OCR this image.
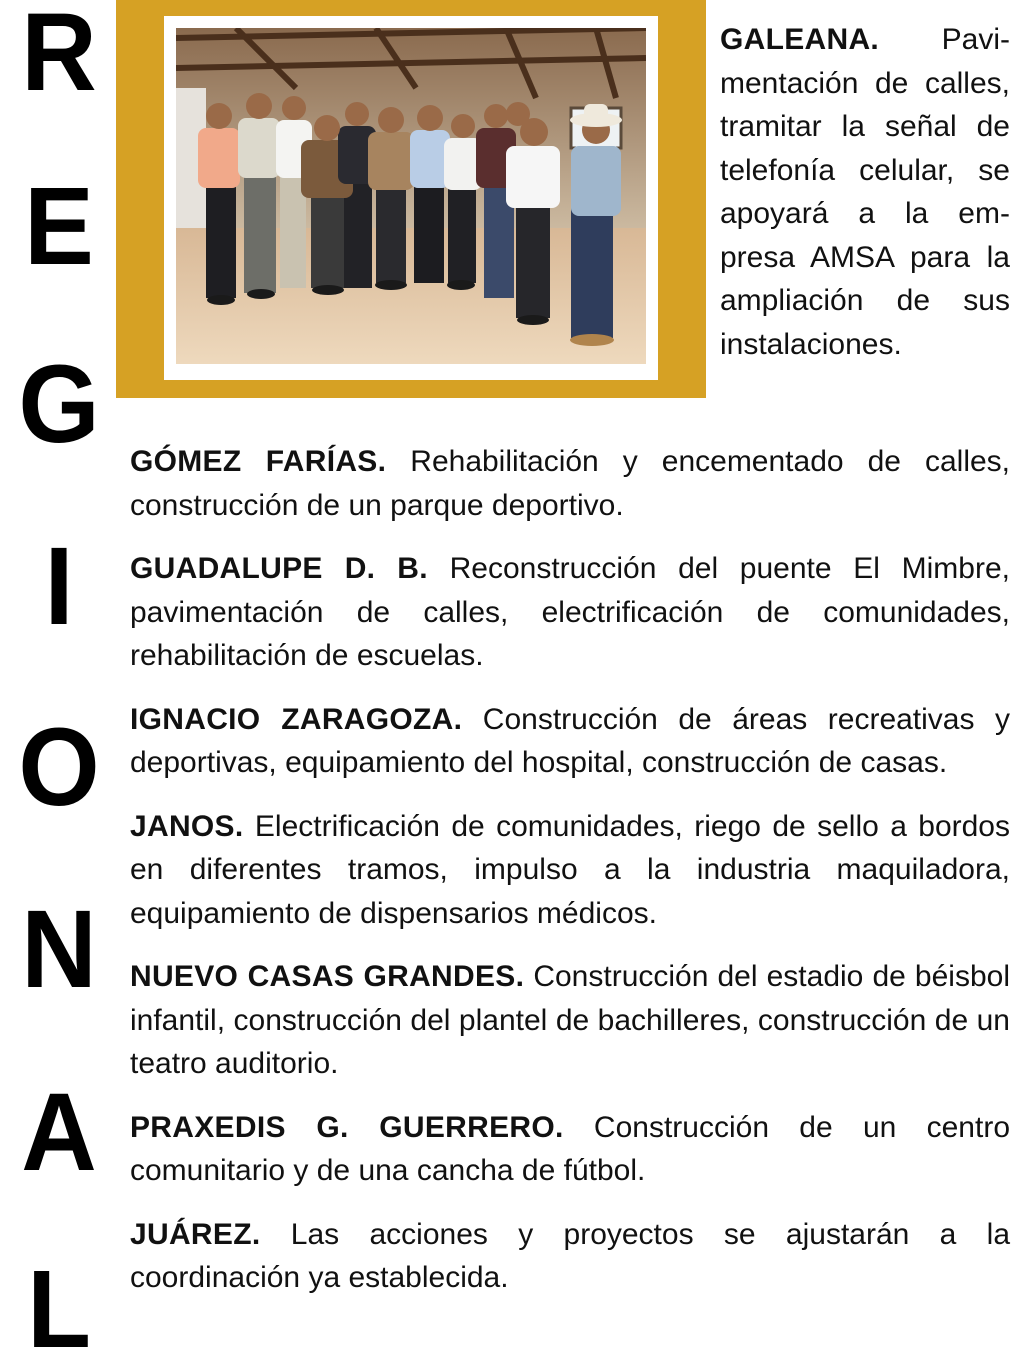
R
E
G
I
O
N
A
L
GALEANA. Pavimentación de calles, tramitar la señal de telefonía celular, se apoyará a la empresa AMSA para la ampliación de sus instalaciones.

GÓMEZ FARÍAS. Rehabilitación y encementado de calles, construcción de un parque deportivo.

GUADALUPE D. B. Reconstrucción del puente El Mimbre, pavimentación de calles, electrificación de comunidades, rehabilitación de escuelas.

IGNACIO ZARAGOZA. Construcción de áreas recreativas y deportivas, equipamiento del hospital, construcción de casas.

JANOS. Electrificación de comunidades, riego de sello a bordos en diferentes tramos, impulso a la industria maquiladora, equipamiento de dispensarios médicos.

NUEVO CASAS GRANDES. Construcción del estadio de béisbol infantil, construcción del plantel de bachilleres, construcción de un teatro auditorio.

PRAXEDIS G. GUERRERO. Construcción de un centro comunitario y de una cancha de fútbol.

JUÁREZ. Las acciones y proyectos se ajustarán a la coordinación ya establecida.
